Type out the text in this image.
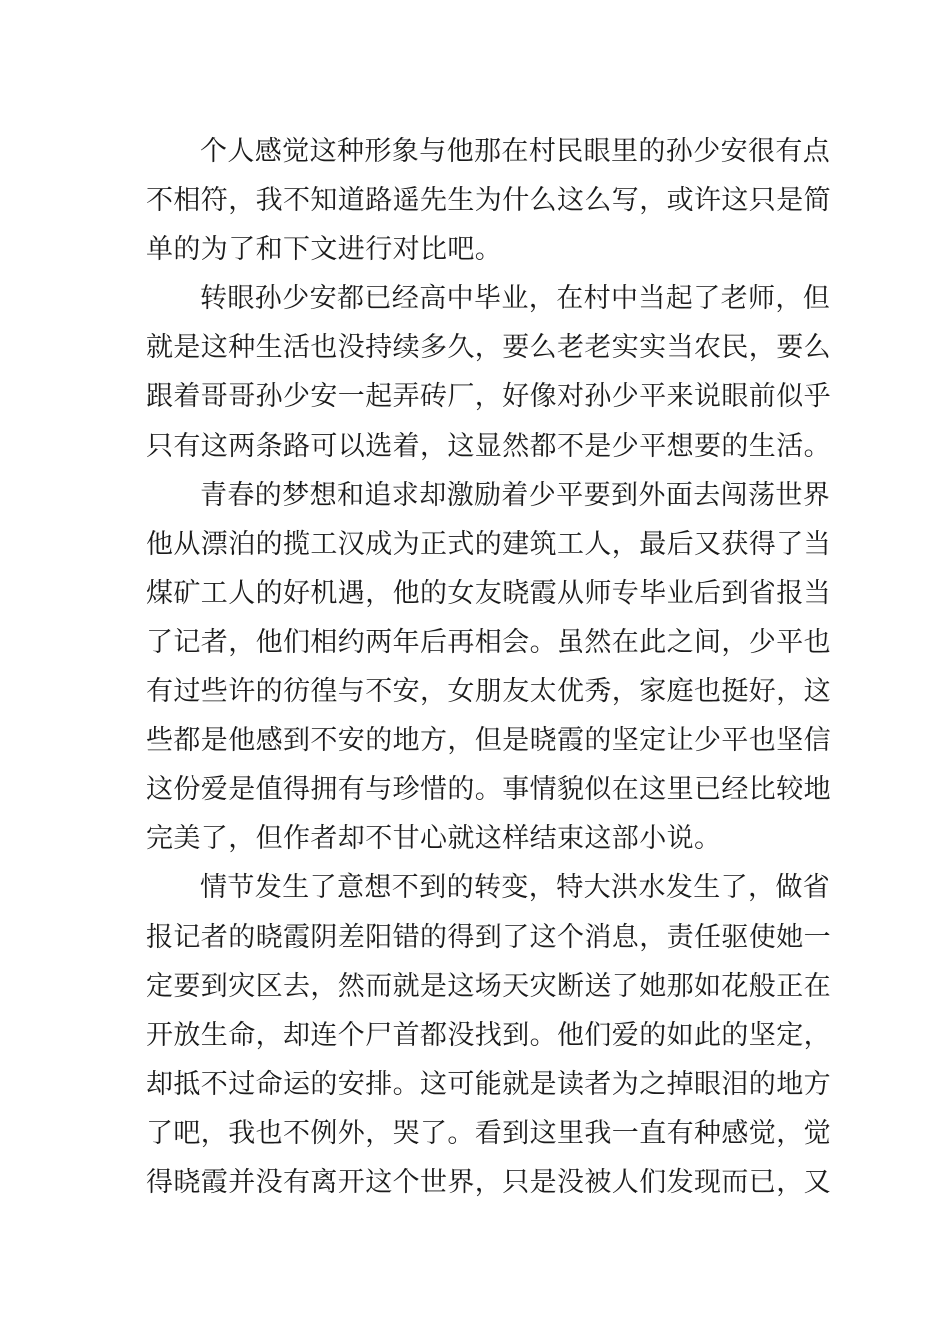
个人感觉这种形象与他那在村民眼里的孙少安很有点
不相符，我不知道路遥先生为什么这么写，或许这只是简
单的为了和下文进行对比吧。
转眼孙少安都已经高中毕业，在村中当起了老师，但
就是这种生活也没持续多久，要么老老实实当农民，要么
跟着哥哥孙少安一起弄砖厂，好像对孙少平来说眼前似乎
只有这两条路可以选着，这显然都不是少平想要的生活。
青春的梦想和追求却激励着少平要到外面去闯荡世界
他从漂泊的揽工汉成为正式的建筑工人，最后又获得了当
煤矿工人的好机遇，他的女友晓霞从师专毕业后到省报当
了记者，他们相约两年后再相会。虽然在此之间，少平也
有过些许的彷徨与不安，女朋友太优秀，家庭也挺好，这
些都是他感到不安的地方，但是晓霞的坚定让少平也坚信
这份爱是值得拥有与珍惜的。事情貌似在这里已经比较地
完美了，但作者却不甘心就这样结束这部小说。
情节发生了意想不到的转变，特大洪水发生了，做省
报记者的晓霞阴差阳错的得到了这个消息，责任驱使她一
定要到灾区去，然而就是这场天灾断送了她那如花般正在
开放生命，却连个尸首都没找到。他们爱的如此的坚定，
却抵不过命运的安排。这可能就是读者为之掉眼泪的地方
了吧，我也不例外，哭了。看到这里我一直有种感觉，觉
得晓霞并没有离开这个世界，只是没被人们发现而已，又
